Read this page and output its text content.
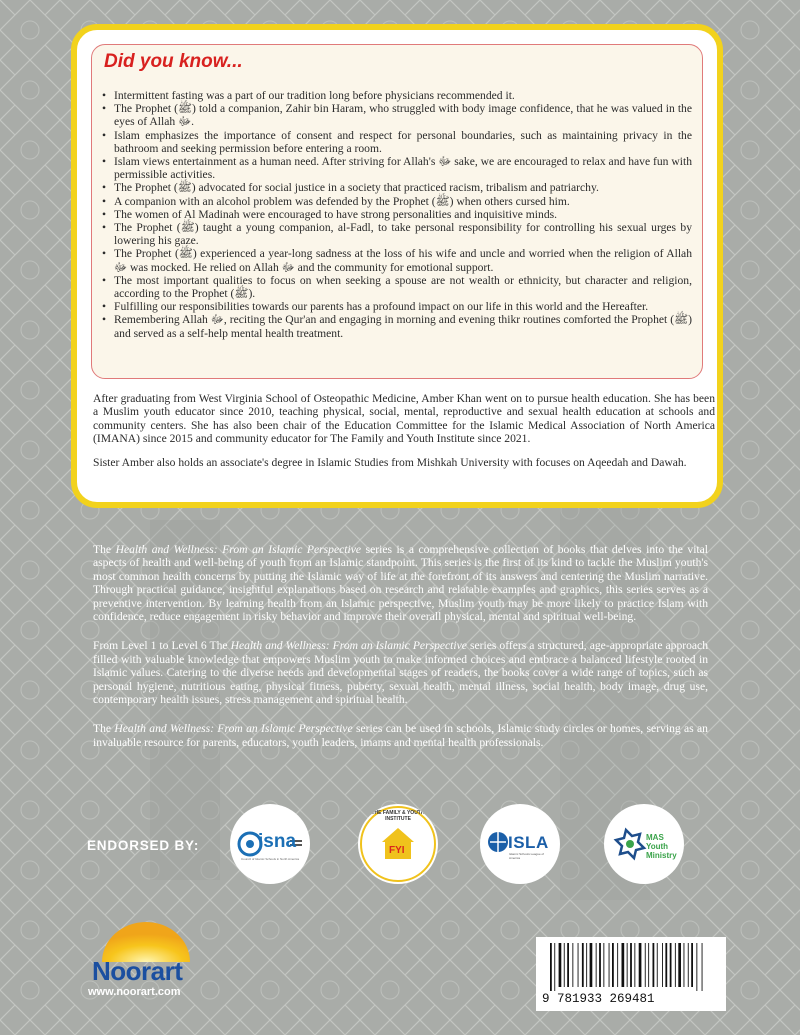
Did you know...
• Intermittent fasting was a part of our tradition long before physicians recommended it.
• The Prophet (ﷺ) told a companion, Zahir bin Haram, who struggled with body image confidence, that he was valued in the eyes of Allah ﷻ.
• Islam emphasizes the importance of consent and respect for personal boundaries, such as maintaining privacy in the bathroom and seeking permission before entering a room.
• Islam views entertainment as a human need. After striving for Allah's ﷻ sake, we are encouraged to relax and have fun with permissible activities.
• The Prophet (ﷺ) advocated for social justice in a society that practiced racism, tribalism and patriarchy.
• A companion with an alcohol problem was defended by the Prophet (ﷺ) when others cursed him.
• The women of Al Madinah were encouraged to have strong personalities and inquisitive minds.
• The Prophet (ﷺ) taught a young companion, al-Fadl, to take personal responsibility for controlling his sexual urges by lowering his gaze.
• The Prophet (ﷺ) experienced a year-long sadness at the loss of his wife and uncle and worried when the religion of Allah ﷻ was mocked. He relied on Allah ﷻ and the community for emotional support.
• The most important qualities to focus on when seeking a spouse are not wealth or ethnicity, but character and religion, according to the Prophet (ﷺ).
• Fulfilling our responsibilities towards our parents has a profound impact on our life in this world and the Hereafter.
• Remembering Allah ﷻ, reciting the Qur'an and engaging in morning and evening thikr routines comforted the Prophet (ﷺ) and served as a self-help mental health treatment.

After graduating from West Virginia School of Osteopathic Medicine, Amber Khan went on to pursue health education. She has been a Muslim youth educator since 2010, teaching physical, social, mental, reproductive and sexual health education at schools and community centers. She has also been chair of the Education Committee for the Islamic Medical Association of North America (IMANA) since 2015 and community educator for The Family and Youth Institute since 2021.

Sister Amber also holds an associate's degree in Islamic Studies from Mishkah University with focuses on Aqeedah and Dawah.

The Health and Wellness: From an Islamic Perspective series is a comprehensive collection of books that delves into the vital aspects of health and well-being of youth from an Islamic standpoint. This series is the first of its kind to tackle the Muslim youth's most common health concerns by putting the Islamic way of life at the forefront of its answers and centering the Muslim narrative. Through practical guidance, insightful explanations based on research and relatable examples and graphics, this series serves as a preventive intervention. By learning health from an Islamic perspective, Muslim youth may be more likely to practice Islam with confidence, reduce engagement in risky behavior and improve their overall physical, mental and spiritual well-being.

From Level 1 to Level 6 The Health and Wellness: From an Islamic Perspective series offers a structured, age-appropriate approach filled with valuable knowledge that empowers Muslim youth to make informed choices and embrace a balanced lifestyle rooted in Islamic values. Catering to the diverse needs and developmental stages of readers, the books cover a wide range of topics, such as personal hygiene, nutritious eating, physical fitness, puberty, sexual health, mental illness, social health, body image, drug use, contemporary health issues, stress management and spiritual health.

The Health and Wellness: From an Islamic Perspective series can be used in schools, Islamic study circles or homes, serving as an invaluable resource for parents, educators, youth leaders, imams and mental health professionals.

ENDORSED BY:	isna
Council of Islamic Schools in North America
THE FAMILY & YOUTH INSTITUTE
FYI	ISLA
Islamic Schools League of America
MAS
Youth
Ministry
Noorart
www.noorart.com	9 781933 269481
